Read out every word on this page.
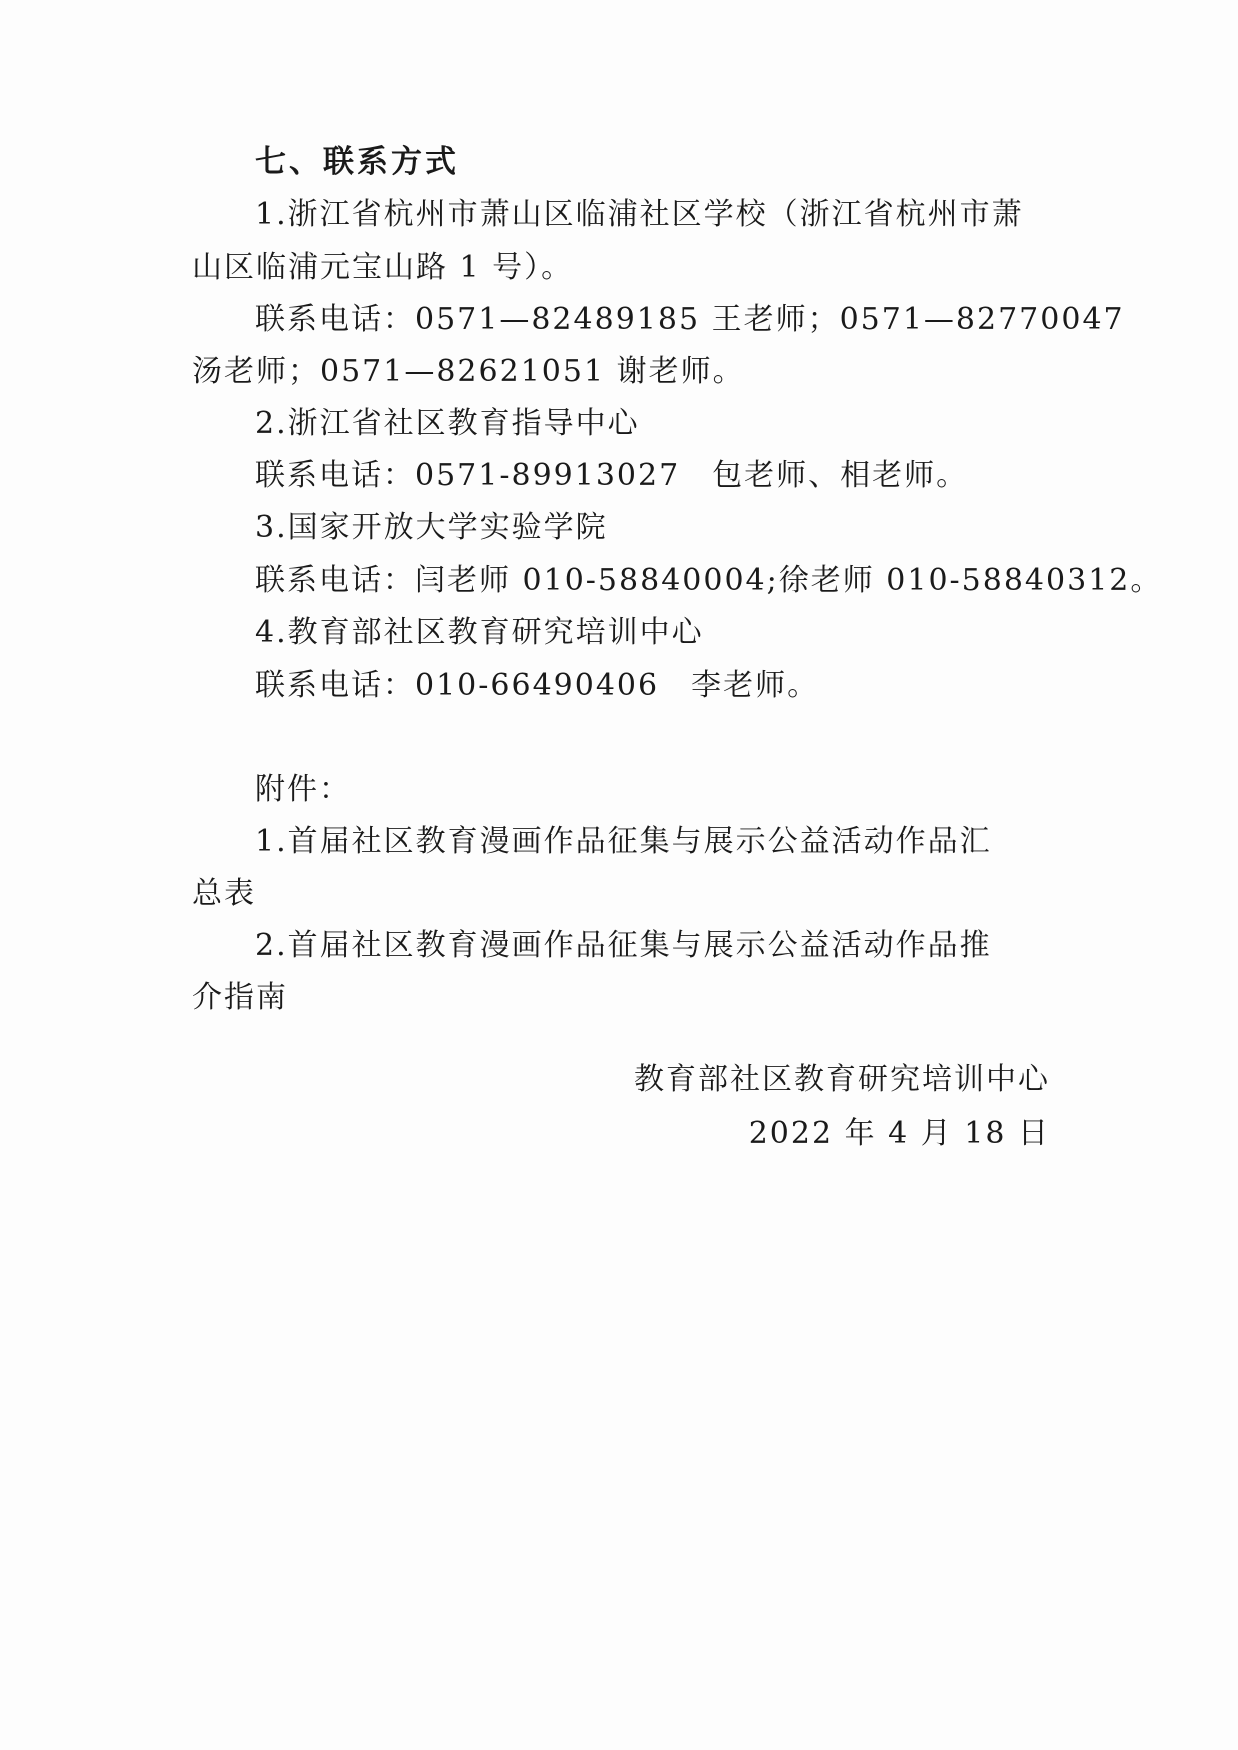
七、联系方式
1.浙江省杭州市萧山区临浦社区学校（浙江省杭州市萧
山区临浦元宝山路 1 号）。
联系电话：0571—82489185 王老师；0571—82770047
汤老师；0571—82621051 谢老师。
2.浙江省社区教育指导中心
联系电话：0571-89913027　包老师、相老师。
3.国家开放大学实验学院
联系电话：闫老师 010-58840004;徐老师 010-58840312。
4.教育部社区教育研究培训中心
联系电话：010-66490406　李老师。
附件：
1.首届社区教育漫画作品征集与展示公益活动作品汇
总表
2.首届社区教育漫画作品征集与展示公益活动作品推
介指南
教育部社区教育研究培训中心
2022 年 4 月 18 日
